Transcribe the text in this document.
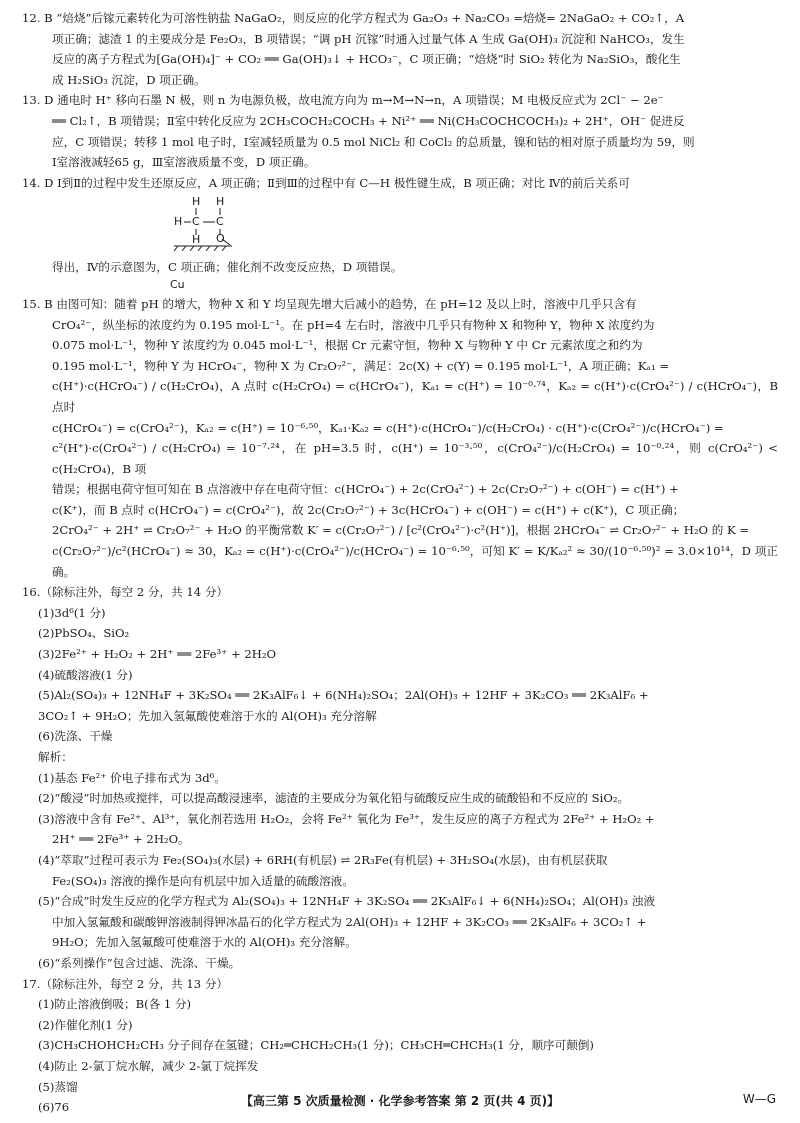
12. B “焙烧”后镓元素转化为可溶性钠盐 NaGaO₂，则反应的化学方程式为 Ga₂O₃ + Na₂CO₃ =焙烧= 2NaGaO₂ + CO₂↑，A

项正确；滤渣 1 的主要成分是 Fe₂O₃，B 项错误；“调 pH 沉镓”时通入过量气体 A 生成 Ga(OH)₃ 沉淀和 NaHCO₃，发生

反应的离子方程式为[Ga(OH)₄]⁻ + CO₂ ══ Ga(OH)₃↓ + HCO₃⁻，C 项正确；“焙烧”时 SiO₂ 转化为 Na₂SiO₃，酸化生

成 H₂SiO₃ 沉淀，D 项正确。

13. D 通电时 H⁺ 移向石墨 N 极，则 n 为电源负极，故电流方向为 m→M→N→n，A 项错误；M 电极反应式为 2Cl⁻ − 2e⁻

══ Cl₂↑，B 项错误；Ⅱ室中转化反应为 2CH₃COCH₂COCH₃ + Ni²⁺ ══ Ni(CH₃COCHCOCH₃)₂ + 2H⁺，OH⁻ 促进反

应，C 项错误；转移 1 mol 电子时，Ⅰ室减轻质量为 0.5 mol NiCl₂ 和 CoCl₂ 的总质量，镍和钴的相对原子质量均为 59，则

Ⅰ室溶液减轻65 g，Ⅲ室溶液质量不变，D 项正确。

14. D Ⅰ到Ⅱ的过程中发生还原反应，A 项正确；Ⅱ到Ⅲ的过程中有 C—H 极性键生成，B 项正确；对比 Ⅳ的前后关系可

H H
H C C
H O

得出，Ⅳ的示意图为，C 项正确；催化剂不改变反应热，D 项错误。

Cu

15. B 由图可知：随着 pH 的增大，物种 X 和 Y 均呈现先增大后减小的趋势，在 pH=12 及以上时，溶液中几乎只含有

CrO₄²⁻，纵坐标的浓度约为 0.195 mol·L⁻¹。在 pH=4 左右时，溶液中几乎只有物种 X 和物种 Y，物种 X 浓度约为

0.075 mol·L⁻¹，物种 Y 浓度约为 0.045 mol·L⁻¹，根据 Cr 元素守恒，物种 X 与物种 Y 中 Cr 元素浓度之和约为

0.195 mol·L⁻¹，物种 Y 为 HCrO₄⁻，物种 X 为 Cr₂O₇²⁻，满足：2c(X) + c(Y) = 0.195 mol·L⁻¹，A 项正确；Kₐ₁ =

c(H⁺)·c(HCrO₄⁻) / c(H₂CrO₄)，A 点时 c(H₂CrO₄) = c(HCrO₄⁻)，Kₐ₁ = c(H⁺) = 10⁻⁰·⁷⁴，Kₐ₂ = c(H⁺)·c(CrO₄²⁻) / c(HCrO₄⁻)，B 点时

c(HCrO₄⁻) = c(CrO₄²⁻)，Kₐ₂ = c(H⁺) = 10⁻⁶·⁵⁰，Kₐ₁·Kₐ₂ = c(H⁺)·c(HCrO₄⁻)/c(H₂CrO₄) · c(H⁺)·c(CrO₄²⁻)/c(HCrO₄⁻) =

c²(H⁺)·c(CrO₄²⁻) / c(H₂CrO₄) = 10⁻⁷·²⁴，在 pH=3.5 时，c(H⁺) = 10⁻³·⁵⁰，c(CrO₄²⁻)/c(H₂CrO₄) = 10⁻⁰·²⁴，则 c(CrO₄²⁻) < c(H₂CrO₄)，B 项

错误；根据电荷守恒可知在 B 点溶液中存在电荷守恒：c(HCrO₄⁻) + 2c(CrO₄²⁻) + 2c(Cr₂O₇²⁻) + c(OH⁻) = c(H⁺) +

c(K⁺)，而 B 点时 c(HCrO₄⁻) = c(CrO₄²⁻)，故 2c(Cr₂O₇²⁻) + 3c(HCrO₄⁻) + c(OH⁻) = c(H⁺) + c(K⁺)，C 项正确；

2CrO₄²⁻ + 2H⁺ ⇌ Cr₂O₇²⁻ + H₂O 的平衡常数 K′ = c(Cr₂O₇²⁻) / [c²(CrO₄²⁻)·c²(H⁺)]，根据 2HCrO₄⁻ ⇌ Cr₂O₇²⁻ + H₂O 的 K =

c(Cr₂O₇²⁻)/c²(HCrO₄⁻) ≈ 30，Kₐ₂ = c(H⁺)·c(CrO₄²⁻)/c(HCrO₄⁻) = 10⁻⁶·⁵⁰，可知 K′ = K/Kₐ₂² ≈ 30/(10⁻⁶·⁵⁰)² = 3.0×10¹⁴，D 项正确。

16.（除标注外，每空 2 分，共 14 分）

(1)3d⁶(1 分)

(2)PbSO₄、SiO₂

(3)2Fe²⁺ + H₂O₂ + 2H⁺ ══ 2Fe³⁺ + 2H₂O

(4)硫酸溶液(1 分)

(5)Al₂(SO₄)₃ + 12NH₄F + 3K₂SO₄ ══ 2K₃AlF₆↓ + 6(NH₄)₂SO₄；2Al(OH)₃ + 12HF + 3K₂CO₃ ══ 2K₃AlF₆ +

3CO₂↑ + 9H₂O；先加入氢氟酸使难溶于水的 Al(OH)₃ 充分溶解

(6)洗涤、干燥

解析：

(1)基态 Fe²⁺ 价电子排布式为 3d⁶。

(2)“酸浸”时加热或搅拌，可以提高酸浸速率，滤渣的主要成分为氧化铅与硫酸反应生成的硫酸铅和不反应的 SiO₂。

(3)溶液中含有 Fe²⁺、Al³⁺，氧化剂若选用 H₂O₂，会将 Fe²⁺ 氧化为 Fe³⁺，发生反应的离子方程式为 2Fe²⁺ + H₂O₂ +

2H⁺ ══ 2Fe³⁺ + 2H₂O。

(4)“萃取”过程可表示为 Fe₂(SO₄)₃(水层) + 6RH(有机层) ⇌ 2R₃Fe(有机层) + 3H₂SO₄(水层)，由有机层获取

Fe₂(SO₄)₃ 溶液的操作是向有机层中加入适量的硫酸溶液。

(5)“合成”时发生反应的化学方程式为 Al₂(SO₄)₃ + 12NH₄F + 3K₂SO₄ ══ 2K₃AlF₆↓ + 6(NH₄)₂SO₄；Al(OH)₃ 浊液

中加入氢氟酸和碳酸钾溶液制得钾冰晶石的化学方程式为 2Al(OH)₃ + 12HF + 3K₂CO₃ ══ 2K₃AlF₆ + 3CO₂↑ +

9H₂O；先加入氢氟酸可使难溶于水的 Al(OH)₃ 充分溶解。

(6)“系列操作”包含过滤、洗涤、干燥。

17.（除标注外，每空 2 分，共 13 分）

(1)防止溶液倒吸；B(各 1 分)

(2)作催化剂(1 分)

(3)CH₃CHOHCH₂CH₃ 分子间存在氢键；CH₂═CHCH₂CH₃(1 分)；CH₃CH═CHCH₃(1 分，顺序可颠倒)

(4)防止 2-氯丁烷水解，减少 2-氯丁烷挥发

(5)蒸馏

(6)76	【高三第 5 次质量检测 · 化学参考答案 第 2 页(共 4 页)】	W—G
